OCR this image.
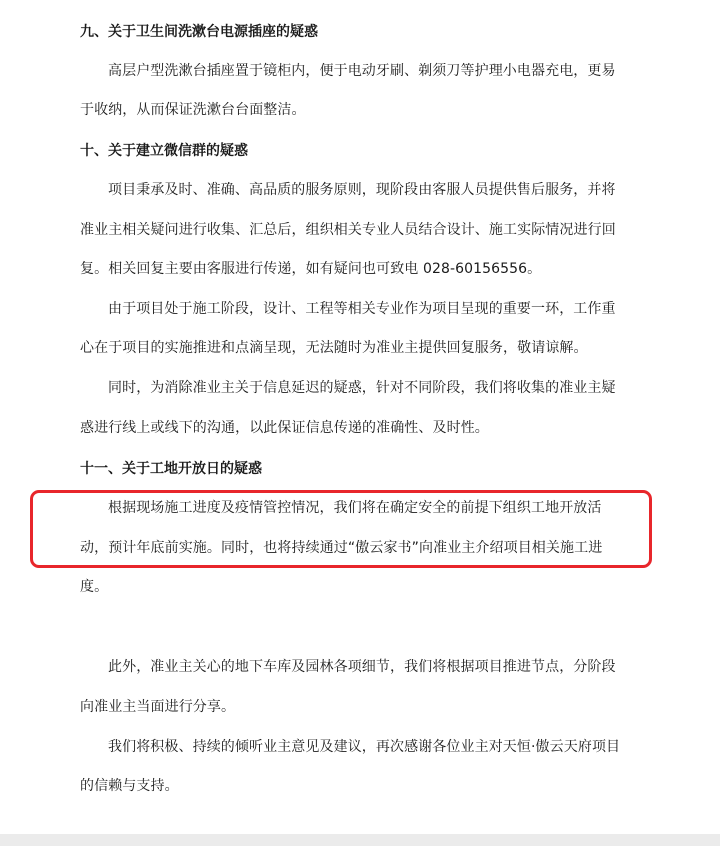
九、关于卫生间洗漱台电源插座的疑惑

高层户型洗漱台插座置于镜柜内，便于电动牙刷、剃须刀等护理小电器充电，更易

于收纳，从而保证洗漱台台面整洁。

十、关于建立微信群的疑惑

项目秉承及时、准确、高品质的服务原则，现阶段由客服人员提供售后服务，并将

准业主相关疑问进行收集、汇总后，组织相关专业人员结合设计、施工实际情况进行回

复。相关回复主要由客服进行传递，如有疑问也可致电 028-60156556。

由于项目处于施工阶段，设计、工程等相关专业作为项目呈现的重要一环，工作重

心在于项目的实施推进和点滴呈现，无法随时为准业主提供回复服务，敬请谅解。

同时，为消除准业主关于信息延迟的疑惑，针对不同阶段，我们将收集的准业主疑

惑进行线上或线下的沟通，以此保证信息传递的准确性、及时性。

十一、关于工地开放日的疑惑

根据现场施工进度及疫情管控情况，我们将在确定安全的前提下组织工地开放活

动，预计年底前实施。同时，也将持续通过“傲云家书”向准业主介绍项目相关施工进

度。

此外，准业主关心的地下车库及园林各项细节，我们将根据项目推进节点，分阶段

向准业主当面进行分享。

我们将积极、持续的倾听业主意见及建议，再次感谢各位业主对天恒·傲云天府项目

的信赖与支持。
